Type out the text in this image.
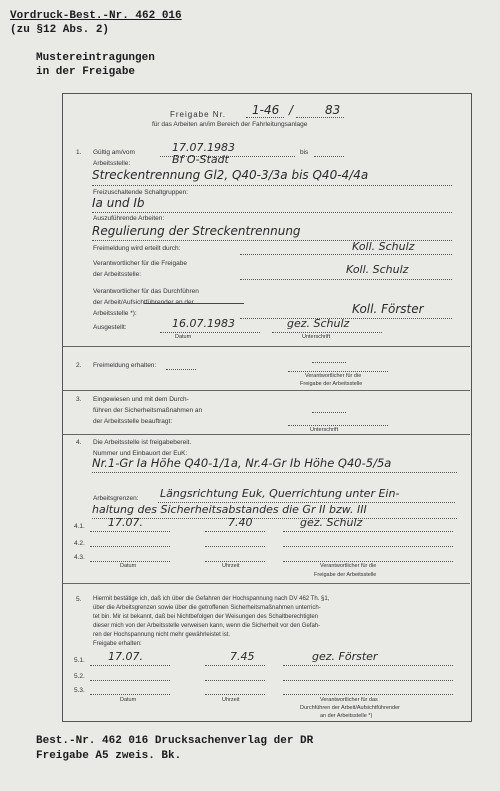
Vordruck-Best.-Nr. 462 016
(zu §12 Abs. 2)
Mustereintragungen
in der Freigabe
Freigabe Nr. 1-46 /	83
für das Arbeiten an/im Bereich der Fahrleitungsanlage
1. Gültig am/vom	17.07.1983	bis
Arbeitsstelle:	Bf O-Stadt
Streckentrennung Gl2, Q40-3/3a bis Q40-4/4a
Freizuschaltende Schaltgruppen:
Ia und Ib
Auszuführende Arbeiten:
Regulierung der Streckentrennung
Freimeldung wird erteilt durch:	Koll. Schulz
Verantwortlicher für die Freigabe
der Arbeitsstelle:	Koll. Schulz
Verantwortlicher für das Durchführen
der Arbeit/Aufsichtführender an der
Arbeitsstelle *):	Koll. Förster
Ausgestellt:	16.07.1983	gez. Schulz
Datum	Unterschrift
2. Freimeldung erhalten:
Verantwortlicher für die
Freigabe der Arbeitsstelle
3. Eingewiesen und mit dem Durch-
führen der Sicherheitsmaßnahmen an
der Arbeitsstelle beauftragt:
Unterschrift
4. Die Arbeitsstelle ist freigabebereit.
Nummer und Einbauort der EuK:
Nr.1-Gr Ia Höhe Q40-1/1a, Nr.4-Gr Ib Höhe Q40-5/5a
Arbeitsgrenzen: Längsrichtung Euk, Querrichtung unter Ein-
haltung des Sicherheitsabstandes die Gr II bzw. III
4.1. 17.07.	7.40	gez. Schulz
4.2.
4.3.
Datum	Uhrzeit	Verantwortlicher für die
Freigabe der Arbeitsstelle
5. Hiermit bestätige ich, daß ich über die Gefahren der Hochspannung nach DV 462 Th. §1,
über die Arbeitsgrenzen sowie über die getroffenen Sicherheitsmaßnahmen unterrich-
tet bin. Mir ist bekannt, daß bei Nichtbefolgen der Weisungen des Schaltberechtigten
dieser mich von der Arbeitsstelle verweisen kann, wenn die Sicherheit vor den Gefah-
ren der Hochspannung nicht mehr gewährleistet ist.
Freigabe erhalten:
5.1. 17.07.	7.45	gez. Förster
5.2.
5.3.
Datum	Uhrzeit	Verantwortlicher für das
Durchführen der Arbeit/Aufsichtführender
an der Arbeitsstelle *)
Best.-Nr. 462 016 Drucksachenverlag der DR
Freigabe A5 zweis. Bk.
